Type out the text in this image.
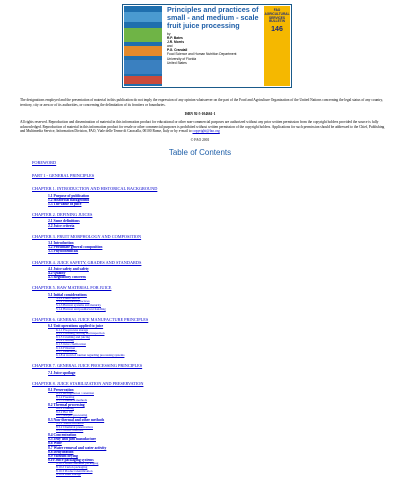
Principles and practices of small - and medium - scale fruit juice processing
by
R.P. Bates
J.R. Morris
and
P.G. Crandall
Food Science and Human Nutrition Department
University of Florida
United States
FAO
AGRICULTURAL
SERVICES
BULLETIN
146
The designations employed and the presentation of material in this publication do not imply the expression of any opinion whatsoever on the part of the Food and Agriculture Organization of the United Nations concerning the legal status of any country, territory, city or area or of its authorities, or concerning the delimitation of its frontiers or boundaries.
ISBN 92-5-104661-1
All rights reserved. Reproduction and dissemination of material in this information product for educational or other non-commercial purposes are authorized without any prior written permission from the copyright holders provided the source is fully acknowledged. Reproduction of material in this information product for resale or other commercial purposes is prohibited without written permission of the copyright holders. Applications for such permission should be addressed to the Chief, Publishing and Multimedia Service, Information Division, FAO, Viale delle Terme di Caracalla, 00100 Rome, Italy or by e-mail to copyright@fao.org
© FAO 2001
Table of Contents
FOREWORD
PART 1 - GENERAL PRINCIPLES
CHAPTER 1. INTRODUCTION AND HISTORICAL BACKGROUND
1.1 Purpose of publication
1.2 Historical background
1.3 The value of juice
CHAPTER 2. DEFINING JUICES
2.1 Some definitions
2.2 Juice criteria
CHAPTER 3. FRUIT MORPHOLOGY AND COMPOSITION
3.1 Introduction
3.2 Proximate general composition
3.3 Phytochemicals
CHAPTER 4. JUICE SAFETY, GRADES AND STANDARDS
4.1 Juice safety and safety
4.2 Quality
4.3 Regulatory concerns
CHAPTER 5. RAW MATERIAL FOR JUICE
5.1 Initial considerations
5.1.1 Plant cultivar
5.1.2 Cultivation practices
5.1.3 Harvest systems and maturity
5.1.4 Harvest and postharvest handling
CHAPTER 6. GENERAL JUICE MANUFACTURE PRINCIPLES
6.1 Unit operations applied to juice
6.1.1 Pre-process storage
6.1.2 Cleaning, sorting and inspection
6.1.3 Crushing and juicing
6.1.4 Pressing
6.1.5 Juice clarification
6.1.6 Filtration
6.1.7 Deaeration
6.1.8 A word of caution regarding processing systems
CHAPTER 7. GENERAL JUICE PROCESSING PRINCIPLES
7.1 Juice spoilage
CHAPTER 8. JUICE STABILIZATION AND PRESERVATION
8.1 Preservation
8.1.1 Refrigeration / retention
8.1.2 Freezing
8.1.3 Chemical methods
8.2 Thermal processing
8.2.1 Canning
8.2.2 Hot fill
8.2.3 Aseptic processing
8.3 Non-thermal and other methods
8.3.1 Sterile filtration
8.3.2 Chemical preservatives
8.3.3 Newer methods
8.4 Concentration
8.5 Jelly and jam manufacture
8.6 Wine
8.7 Water removal and water activity
8.8 Dehydration
8.9 Vacuum drying
8.10 Juice packaging systems
8.10.1 Glass container packaging
8.10.2 Carton packaging
8.10.3 Product identification
8.10.4 Bulk storage
